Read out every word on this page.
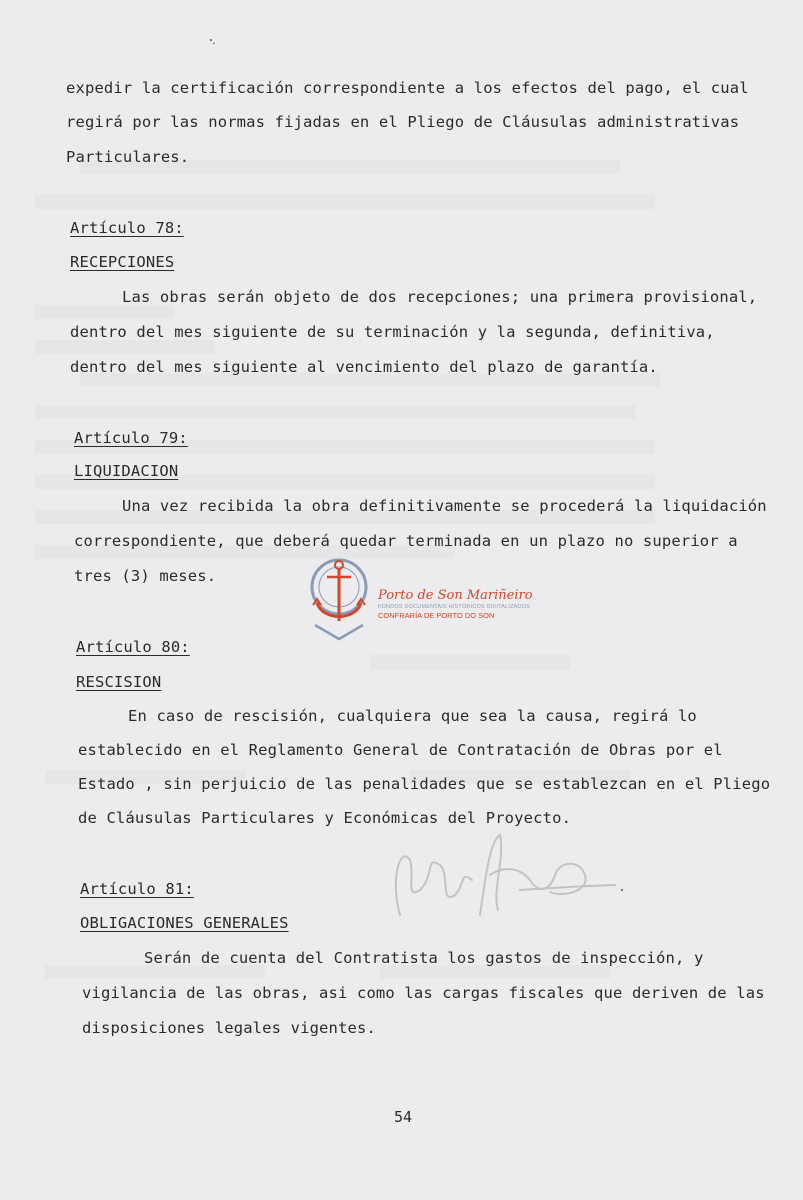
.
˙
expedir la certificación correspondiente a los efectos del pago, el cual
regirá por las normas fijadas en el Pliego de Cláusulas administrativas
Particulares.
Artículo 78:
RECEPCIONES
Las obras serán objeto de dos recepciones; una primera provisional,
dentro del mes siguiente de su terminación y la segunda, definitiva,
dentro del mes siguiente al vencimiento del plazo de garantía.
Artículo 79:
LIQUIDACION
Una vez recibida la obra definitivamente se procederá la liquidación
correspondiente, que deberá quedar terminada en un plazo no superior a
tres (3) meses.
Artículo 80:
RESCISION
En caso de rescisión, cualquiera que sea la causa, regirá lo
establecido en el Reglamento General de Contratación de Obras por el
Estado , sin perjuicio de las penalidades que se establezcan en el Pliego
de Cláusulas Particulares y Económicas del Proyecto.
Artículo 81:
OBLIGACIONES GENERALES
Serán de cuenta del Contratista los gastos de inspección, y
vigilancia de las obras, asi como las cargas fiscales que deriven de las
disposiciones legales vigentes.
.
Porto de Son Mariñeiro
FONDOS DOCUMENTAIS HISTÓRICOS DIXITALIZADOS
CONFRARÍA DE PORTO DO SON
54
